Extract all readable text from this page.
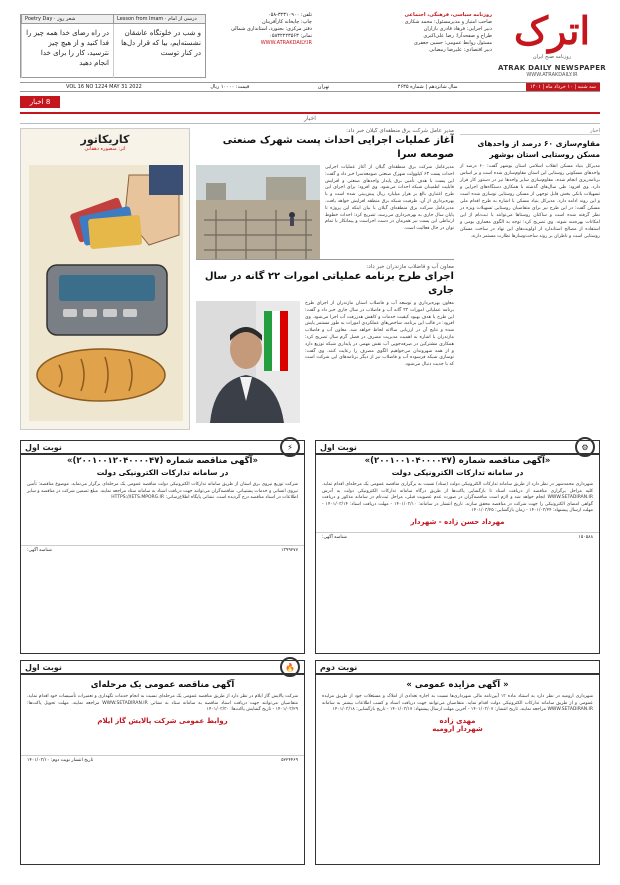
اترک
روزنامه صبح ایران
ATRAK DAILY NEWSPAPER
WWW.ATRAKDAILY.IR
روزنامه سیاسی، فرهنگی، اجتماعی
صاحب امتیاز و مدیرمسئول: محمد شکاری
دبیر اجرایی: فرهاد قادری بازاران
طراح و صفحه‌آرا: رضا علی‌اکبری
مسئول روابط عمومی: حسین جعفری
دبیر اقتصادی: علیرضا رمضانی
تلفن: ۳۲۳۱۰۹۰۰-۰۵۸
چاپ: چاپخانه کارآفرینان
دفتر مرکزی: بجنورد، استانداری شمالی
نمابر: ۰۵۸۳۲۲۲۳۵۶۳
WWW.ATRAKDAILY.IR
Poetry Day · شعر روز	Lesson from Imam · درسی از امام
و شب در خلوتگاه عاشقان نشسته‌ایم، بیا که قرار دل‌ها در کنار توست
در راه رضای خدا همه چیز را فدا کنید و از هیچ چیز نترسید، کار را برای خدا انجام دهید
VOL 16 NO 1224 MAY 31 2022	قیمت: ۱۰۰۰۰ ریال	تهران	سال شانزدهم | شماره ۴۶۳۵	سه شنبه | ۱۰ خرداد ماه | ۱۴۰۱
اخبار
8
اخبار
اخبار
مقاوم‌سازی ۶۰ درصد از واحدهای مسکن روستایی استان بوشهر
مدیرکل بنیاد مسکن انقلاب اسلامی استان بوشهر گفت: ۶۰ درصد از واحدهای مسکونی روستایی این استان مقاوم‌سازی شده است و بر اساس برنامه‌ریزی انجام شده، مقاوم‌سازی سایر واحدها نیز در دستور کار قرار دارد. وی افزود: طی سال‌های گذشته با همکاری دستگاه‌های اجرایی و تسهیلات بانکی بخش قابل توجهی از مسکن روستایی نوسازی شده است و این روند ادامه دارد. مدیرکل بنیاد مسکن با اشاره به طرح اقدام ملی مسکن گفت: در این طرح نیز برای متقاضیان روستایی تسهیلات ویژه در نظر گرفته شده است و ساکنان روستاها می‌توانند با ثبت‌نام از این امکانات بهره‌مند شوند. وی تصریح کرد: توجه به الگوی معماری بومی و استفاده از مصالح استاندارد از اولویت‌های این نهاد در ساخت مسکن روستایی است و ناظران بر روند ساخت‌وسازها نظارت مستمر دارند.
مدیر عامل شرکت برق منطقه‌ای گیلان خبر داد:
آغاز عملیات اجرایی احداث پست شهرک صنعتی صومعه سرا
مدیرعامل شرکت برق منطقه‌ای گیلان از آغاز عملیات اجرایی احداث پست ۶۳ کیلوولت شهرک صنعتی صومعه‌سرا خبر داد و گفت: این پست با هدف تأمین برق پایدار واحدهای صنعتی و افزایش قابلیت اطمینان شبکه احداث می‌شود. وی افزود: برای اجرای این طرح اعتباری بالغ بر هزار میلیارد ریال پیش‌بینی شده است و با بهره‌برداری از آن، ظرفیت شبکه برق منطقه افزایش خواهد یافت. مدیرعامل شرکت برق منطقه‌ای گیلان با بیان اینکه این پروژه تا پایان سال جاری به بهره‌برداری می‌رسد، تصریح کرد: احداث خطوط ارتباطی این پست نیز همزمان در دست اجراست و پیمانکار با تمام توان در حال فعالیت است.
معاون آب و فاضلاب مازندران خبر داد:
اجرای طرح برنامه عملیاتی امورات ۲۲ گانه در سال جاری
معاون بهره‌برداری و توسعه آب و فاضلاب استان مازندران از اجرای طرح برنامه عملیاتی امورات ۲۲ گانه آب و فاضلاب در سال جاری خبر داد و گفت: این طرح با هدف بهبود کیفیت خدمات و کاهش هدررفت آب اجرا می‌شود. وی افزود: در قالب این برنامه، شاخص‌های عملکردی امورات به طور مستمر پایش شده و نتایج آن در ارزیابی سالانه لحاظ خواهد شد. معاون آب و فاضلاب مازندران با اشاره به اهمیت مدیریت مصرف در فصل گرم سال تصریح کرد: همکاری مشترکین در صرفه‌جویی آب نقش مهمی در پایداری شبکه توزیع دارد و از همه شهروندان می‌خواهیم الگوی مصرف را رعایت کنند. وی گفت: نوسازی شبکه فرسوده آب و فاضلاب نیز از دیگر برنامه‌های این شرکت است که با جدیت دنبال می‌شود.
کاریکاتور
اثر: منصوره دهقانی
⚙
نوبت اول
«آگهی مناقصه شماره (۲۰۰۱۰۰۱۰۴۰۰۰۰۴۷)»
در سامانه تدارکات الکترونیکی دولت
شهرداری محمدشهر در نظر دارد از طریق سامانه تدارکات الکترونیکی دولت (ستاد) نسبت به برگزاری مناقصه عمومی یک مرحله‌ای اقدام نماید. کلیه مراحل برگزاری مناقصه از دریافت اسناد تا بازگشایی پاکت‌ها از طریق درگاه سامانه تدارکات الکترونیکی دولت به آدرس WWW.SETADIRAN.IR انجام خواهد شد و لازم است مناقصه‌گران در صورت عدم عضویت قبلی، مراحل ثبت‌نام در سامانه مذکور و دریافت گواهی امضای الکترونیکی را جهت شرکت در مناقصه محقق سازند. تاریخ انتشار در سامانه: ۱۴۰۱/۰۳/۱۰ - مهلت دریافت اسناد: ۱۴۰۱/۰۳/۱۴ - مهلت ارسال پیشنهاد: ۱۴۰۱/۰۳/۲۴ - زمان بازگشایی: ۱۴۰۱/۰۳/۲۵
مهرداد حسن زاده - شهردار
۱۵۰۵۸۸
شناسه آگهی:
⚡
نوبت اول
«آگهی مناقصه شماره (۲۰۰۱۰۰۱۲۰۴۰۰۰۰۴۷)»
در سامانه تدارکات الکترونیکی دولت
شرکت توزیع نیروی برق استان از طریق سامانه تدارکات الکترونیکی دولت مناقصه عمومی یک مرحله‌ای برگزار می‌نماید. موضوع مناقصه: تأمین نیروی انسانی و خدمات پشتیبانی. مناقصه‌گران می‌توانند جهت دریافت اسناد به سامانه ستاد مراجعه نمایند. مبلغ تضمین شرکت در مناقصه و سایر اطلاعات در اسناد مناقصه درج گردیده است. نشانی پایگاه اطلاع‌رسانی: HTTPS://IETS.MPORG.IR
۱۳۹۹۲۷۷
شناسه آگهی:
نوبت دوم
« آگهی مزایده عمومی »
شهرداری ارومیه در نظر دارد به استناد ماده ۱۳ آیین‌نامه مالی شهرداری‌ها نسبت به اجاره تعدادی از املاک و مستغلات خود از طریق مزایده عمومی و از طریق سامانه تدارکات الکترونیکی دولت اقدام نماید. متقاضیان می‌توانند جهت دریافت اسناد و کسب اطلاعات بیشتر به سامانه WWW.SETADIRAN.IR مراجعه نمایند. تاریخ انتشار: ۱۴۰۱/۰۳/۰۷ - آخرین مهلت ارسال پیشنهاد: ۱۴۰۱/۰۳/۱۷ - تاریخ بازگشایی: ۱۴۰۱/۰۳/۱۸
مهدی زاده
شهردار ارومیه
🔥
نوبت اول
آگهی مناقصه عمومی یک مرحله‌ای
شرکت پالایش گاز ایلام در نظر دارد از طریق مناقصه عمومی یک مرحله‌ای نسبت به انجام خدمات نگهداری و تعمیرات تأسیسات خود اقدام نماید. متقاضیان می‌توانند جهت دریافت اسناد مناقصه به سامانه ستاد به نشانی WWW.SETADIRAN.IR مراجعه نمایند. مهلت تحویل پاکت‌ها: ۱۴۰۱/۰۳/۲۹ - تاریخ گشایش پاکت‌ها: ۱۴۰۱/۰۳/۳۰
روابط عمومی شرکت پالایش گاز ایلام
۵۲۲۴۴۶۹
تاریخ انتشار نوبت دوم: ۱۴۰۱/۰۳/۱۰
